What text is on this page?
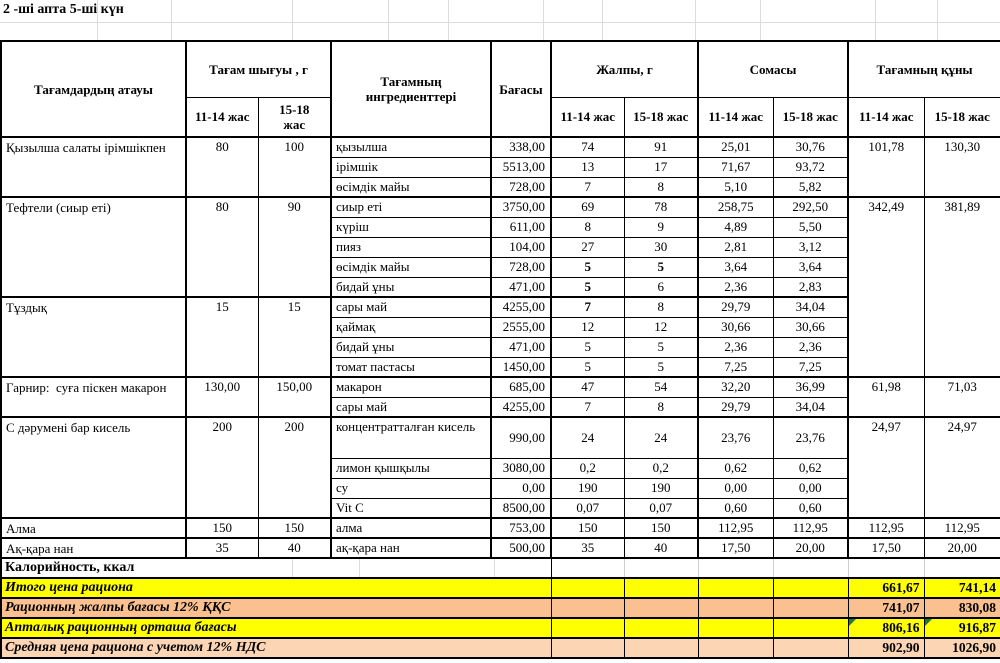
2 -ші апта 5-ші күн
Тағамдардың атауы	Тағам шығуы , г		Тағамның ингредиенттері	Бағасы	Жалпы, г		Сомасы		Тағамның құны	
	11-14 жас	15-18 жас			11-14 жас	15-18 жас	11-14 жас	15-18 жас	11-14 жас	15-18 жас
Қызылша салаты ірімшікпен	80	100	қызылша	338,00	74	91	25,01	30,76	101,78	130,30
			ірімшік	5513,00	13	17	71,67	93,72		
			өсімдік майы	728,00	7	8	5,10	5,82		
Тефтели (сиыр еті)	80	90	сиыр еті	3750,00	69	78	258,75	292,50	342,49	381,89
			күріш	611,00	8	9	4,89	5,50		
			пияз	104,00	27	30	2,81	3,12		
			өсімдік майы	728,00	5	5	3,64	3,64		
			бидай ұны	471,00	5	6	2,36	2,83		
Тұздық	15	15	сары май	4255,00	7	8	29,79	34,04		
			қаймақ	2555,00	12	12	30,66	30,66		
			бидай ұны	471,00	5	5	2,36	2,36		
			томат пастасы	1450,00	5	5	7,25	7,25		
Гарнир:  суға піскен макарон	130,00	150,00	макарон	685,00	47	54	32,20	36,99	61,98	71,03
			сары май	4255,00	7	8	29,79	34,04		
С дәрумені бар кисель	200	200	концентратталған кисель	990,00	24	24	23,76	23,76	24,97	24,97
			лимон қышқылы	3080,00	0,2	0,2	0,62	0,62		
			су	0,00	190	190	0,00	0,00		
			Vit C	8500,00	0,07	0,07	0,60	0,60		
Алма	150	150	алма	753,00	150	150	112,95	112,95	112,95	112,95
Ақ-қара нан	35	40	ақ-қара нан	500,00	35	40	17,50	20,00	17,50	20,00
Калорийность, ккал										
Итого цена рациона									661,67	741,14
Рационның жалпы бағасы 12% ҚҚС									741,07	830,08
Апталық рационның орташа бағасы									806,16	916,87
Средняя цена рациона с учетом 12% НДС									902,90	1026,90
